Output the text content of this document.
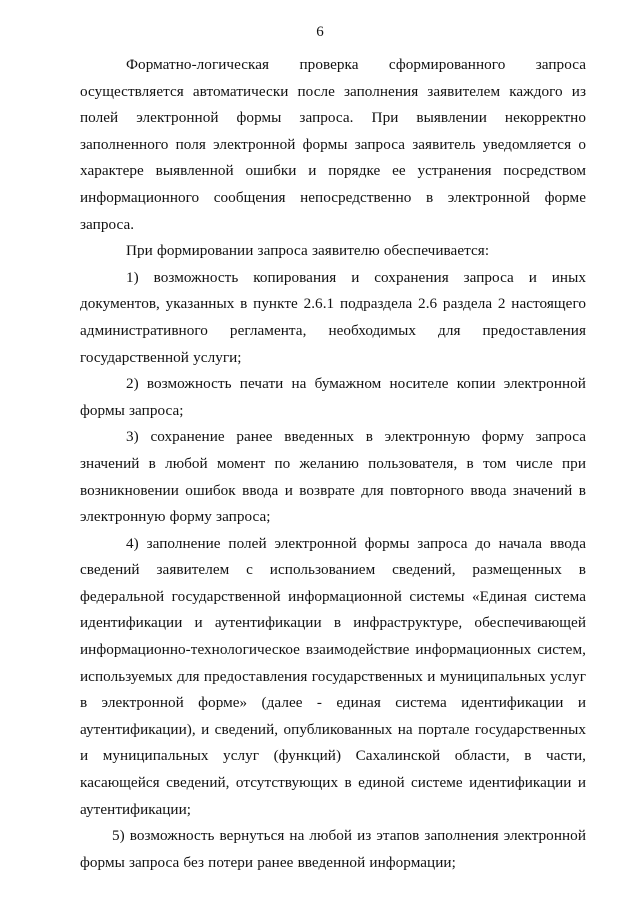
6

Форматно-логическая проверка сформированного запроса осуществляется автоматически после заполнения заявителем каждого из полей электронной формы запроса. При выявлении некорректно заполненного поля электронной формы запроса заявитель уведомляется о характере выявленной ошибки и порядке ее устранения посредством информационного сообщения непосредственно в электронной форме запроса.

При формировании запроса заявителю обеспечивается:

1) возможность копирования и сохранения запроса и иных документов, указанных в пункте 2.6.1 подраздела 2.6 раздела 2 настоящего административного регламента, необходимых для предоставления государственной услуги;

2) возможность печати на бумажном носителе копии электронной формы запроса;

3) сохранение ранее введенных в электронную форму запроса значений в любой момент по желанию пользователя, в том числе при возникновении ошибок ввода и возврате для повторного ввода значений в электронную форму запроса;

4) заполнение полей электронной формы запроса до начала ввода сведений заявителем с использованием сведений, размещенных в федеральной государственной информационной системы «Единая система идентификации и аутентификации в инфраструктуре, обеспечивающей информационно-технологическое взаимодействие информационных систем, используемых для предоставления государственных и муниципальных услуг в электронной форме» (далее - единая система идентификации и аутентификации), и сведений, опубликованных на портале государственных и муниципальных услуг (функций) Сахалинской области, в части, касающейся сведений, отсутствующих в единой системе идентификации и аутентификации;

5) возможность вернуться на любой из этапов заполнения электронной формы запроса без потери ранее введенной информации;
